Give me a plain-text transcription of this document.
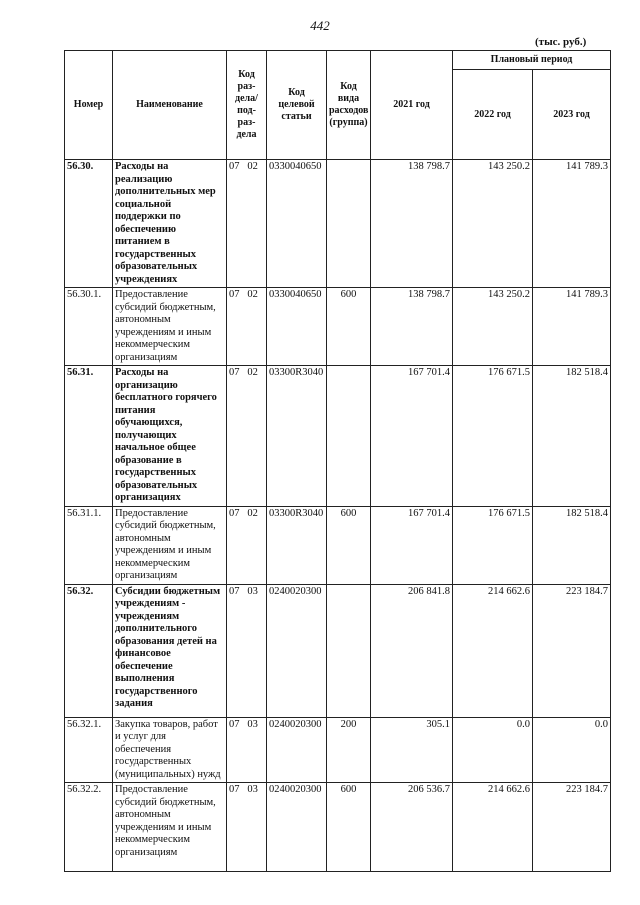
442
(тыс. руб.)
Номер	Наименование	Код раз-дела/ под-раз-дела	Код целевой статьи	Код вида расходов (группа)	2021 год	Плановый период	
						2022 год	2023 год
56.30.	Расходы на реализацию дополнительных мер социальной поддержки по обеспечению питанием в государственных образовательных учреждениях	07 02	0330040650		138 798.7	143 250.2	141 789.3
56.30.1.	Предоставление субсидий бюджетным, автономным учреждениям и иным некоммерческим организациям	07 02	0330040650	600	138 798.7	143 250.2	141 789.3
56.31.	Расходы на организацию бесплатного горячего питания обучающихся, получающих начальное общее образование в государственных образовательных организациях	07 02	03300R3040		167 701.4	176 671.5	182 518.4
56.31.1.	Предоставление субсидий бюджетным, автономным учреждениям и иным некоммерческим организациям	07 02	03300R3040	600	167 701.4	176 671.5	182 518.4
56.32.	Субсидии бюджетным учреждениям - учреждениям дополнительного образования детей на финансовое обеспечение выполнения государственного задания	07 03	0240020300		206 841.8	214 662.6	223 184.7
56.32.1.	Закупка товаров, работ и услуг для обеспечения государственных (муниципальных) нужд	07 03	0240020300	200	305.1	0.0	0.0
56.32.2.	Предоставление субсидий бюджетным, автономным учреждениям и иным некоммерческим организациям	07 03	0240020300	600	206 536.7	214 662.6	223 184.7
